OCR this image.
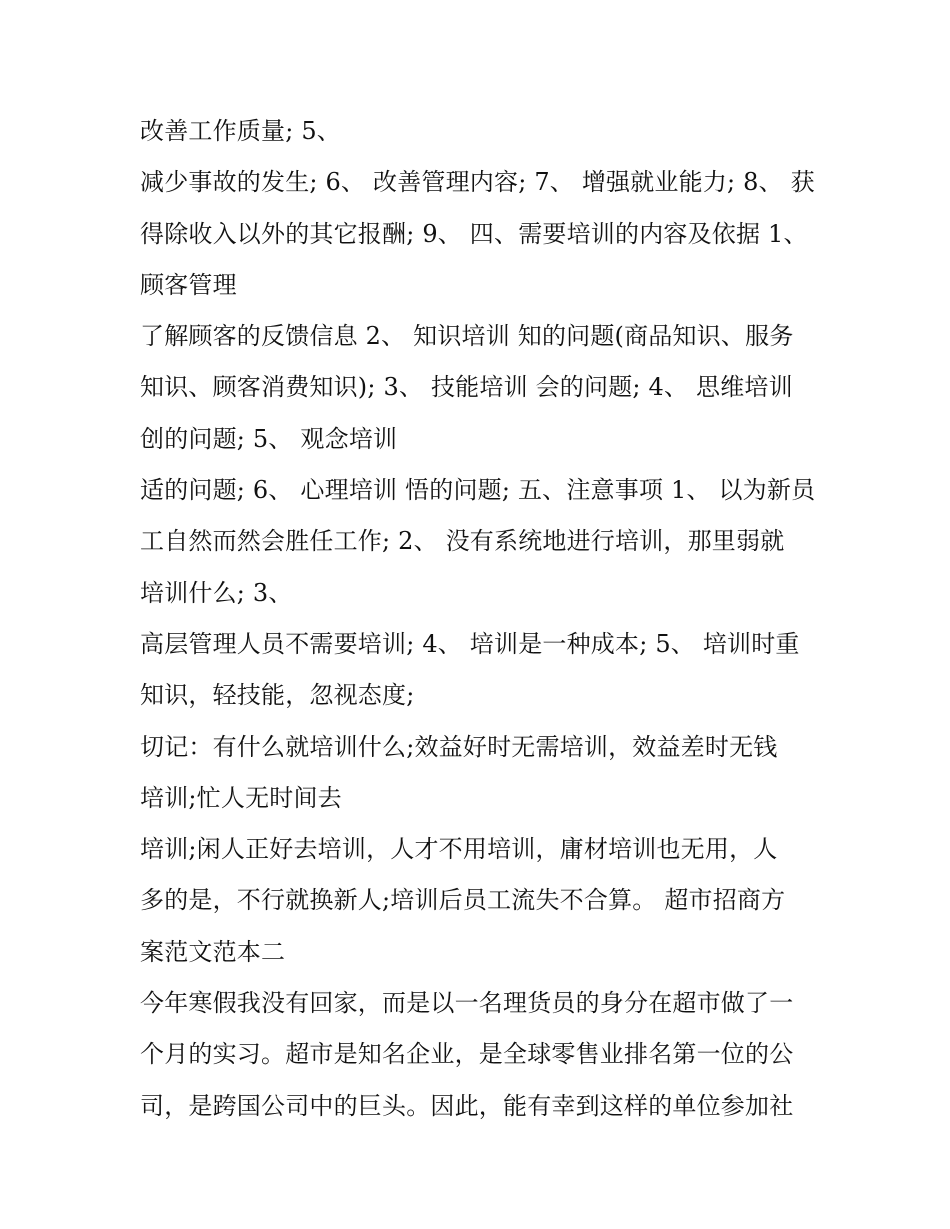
改善工作质量; 5、
减少事故的发生; 6、 改善管理内容; 7、 增强就业能力; 8、 获
得除收入以外的其它报酬; 9、 四、需要培训的内容及依据 1、
顾客管理
了解顾客的反馈信息 2、 知识培训 知的问题(商品知识、服务
知识、顾客消费知识); 3、 技能培训 会的问题; 4、 思维培训
创的问题; 5、 观念培训
适的问题; 6、 心理培训 悟的问题; 五、注意事项 1、 以为新员
工自然而然会胜任工作; 2、 没有系统地进行培训，那里弱就
培训什么; 3、
高层管理人员不需要培训; 4、 培训是一种成本; 5、 培训时重
知识，轻技能，忽视态度;
切记：有什么就培训什么;效益好时无需培训，效益差时无钱
培训;忙人无时间去
培训;闲人正好去培训，人才不用培训，庸材培训也无用，人
多的是，不行就换新人;培训后员工流失不合算。 超市招商方
案范文范本二
今年寒假我没有回家，而是以一名理货员的身分在超市做了一
个月的实习。超市是知名企业，是全球零售业排名第一位的公
司，是跨国公司中的巨头。因此，能有幸到这样的单位参加社
